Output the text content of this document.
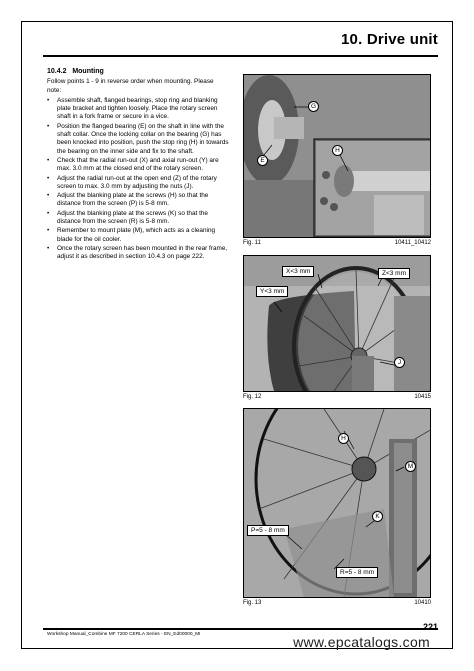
10. Drive unit
10.4.2 Mounting

Follow points 1 - 9 in reverse order when mounting. Please note:

• Assemble shaft, flanged bearings, stop ring and blanking plate bracket and tighten loosely. Place the rotary screen shaft in a fork frame or secure in a vice.
• Position the flanged bearing (E) on the shaft in line with the shaft collar. Once the locking collar on the bearing (G) has been knocked into position, push the stop ring (H) in towards the bearing on the inner side and fix to the shaft.
• Check that the radial run-out (X) and axial run-out (Y) are max. 3.0 mm at the closed end of the rotary screen.
• Adjust the radial run-out at the open end (Z) of the rotary screen to max. 3.0 mm by adjusting the nuts (J).
• Adjust the blanking plate at the screws (H) so that the distance from the screen (P) is 5-8 mm.
• Adjust the blanking plate at the screws (K) so that the distance from the screen (R) is 5-8 mm.
• Remember to mount plate (M), which acts as a cleaning blade for the oil cooler.
• Once the rotary screen has been mounted in the rear frame, adjust it as described in section 10.4.3 on page 222.
G
E
H
Fig. 11	10411_10412
X<3 mm	Z<3 mm
Y<3 mm
J
Fig. 12	10415
H
M
K
P=5 - 8 mm
R=5 - 8 mm
Fig. 13	10410
Workshop Manual_Combine MF 7200 CERLA Series - EN_Ed00000_MI
221
www.epcatalogs.com
